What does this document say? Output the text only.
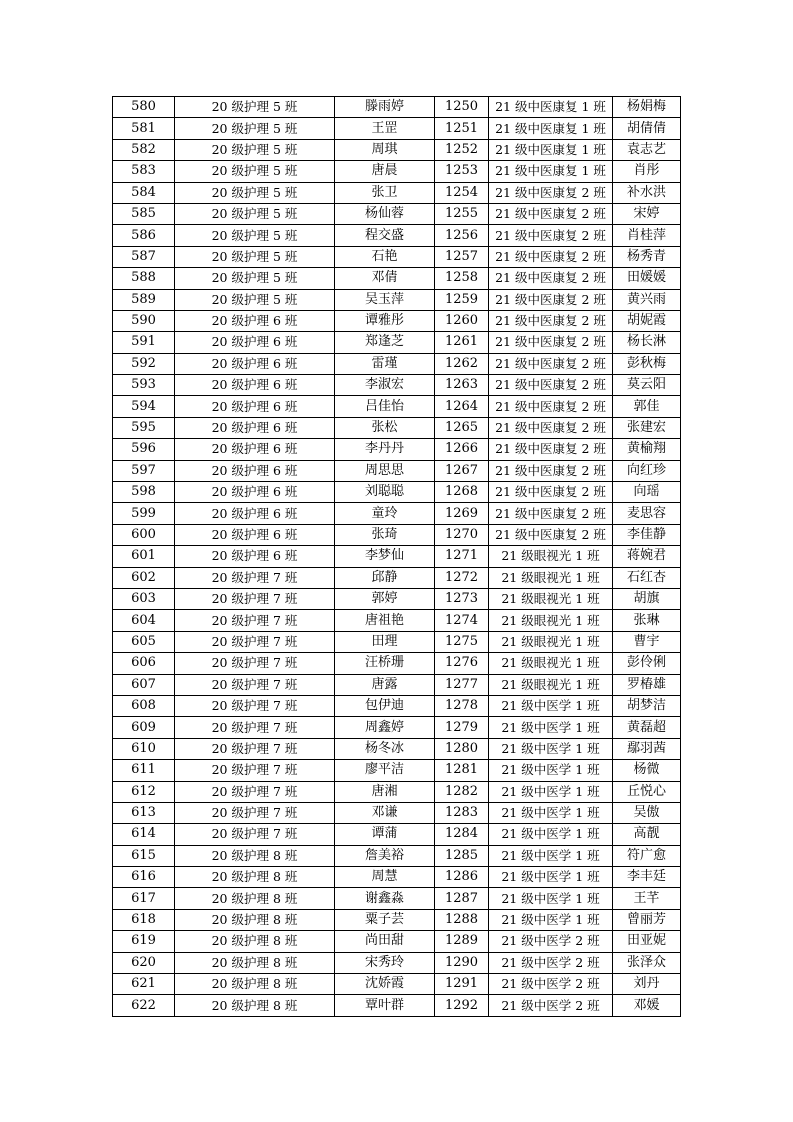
580	20 级护理 5 班	滕雨婷	1250	21 级中医康复 1 班	杨娟梅
581	20 级护理 5 班	王罡	1251	21 级中医康复 1 班	胡倩倩
582	20 级护理 5 班	周琪	1252	21 级中医康复 1 班	袁志艺
583	20 级护理 5 班	唐晨	1253	21 级中医康复 1 班	肖彤
584	20 级护理 5 班	张卫	1254	21 级中医康复 2 班	补水洪
585	20 级护理 5 班	杨仙蓉	1255	21 级中医康复 2 班	宋婷
586	20 级护理 5 班	程交盛	1256	21 级中医康复 2 班	肖桂萍
587	20 级护理 5 班	石艳	1257	21 级中医康复 2 班	杨秀青
588	20 级护理 5 班	邓倩	1258	21 级中医康复 2 班	田媛媛
589	20 级护理 5 班	吴玉萍	1259	21 级中医康复 2 班	黄兴雨
590	20 级护理 6 班	谭雅彤	1260	21 级中医康复 2 班	胡妮霞
591	20 级护理 6 班	郑逢芝	1261	21 级中医康复 2 班	杨长淋
592	20 级护理 6 班	雷瑾	1262	21 级中医康复 2 班	彭秋梅
593	20 级护理 6 班	李淑宏	1263	21 级中医康复 2 班	莫云阳
594	20 级护理 6 班	吕佳怡	1264	21 级中医康复 2 班	郭佳
595	20 级护理 6 班	张松	1265	21 级中医康复 2 班	张建宏
596	20 级护理 6 班	李丹丹	1266	21 级中医康复 2 班	黄榆翔
597	20 级护理 6 班	周思思	1267	21 级中医康复 2 班	向红珍
598	20 级护理 6 班	刘聪聪	1268	21 级中医康复 2 班	向瑶
599	20 级护理 6 班	童玲	1269	21 级中医康复 2 班	麦思容
600	20 级护理 6 班	张琦	1270	21 级中医康复 2 班	李佳静
601	20 级护理 6 班	李梦仙	1271	21 级眼视光 1 班	蒋婉君
602	20 级护理 7 班	邱静	1272	21 级眼视光 1 班	石红杏
603	20 级护理 7 班	郭婷	1273	21 级眼视光 1 班	胡旗
604	20 级护理 7 班	唐祖艳	1274	21 级眼视光 1 班	张琳
605	20 级护理 7 班	田理	1275	21 级眼视光 1 班	曹宇
606	20 级护理 7 班	汪桥珊	1276	21 级眼视光 1 班	彭伶俐
607	20 级护理 7 班	唐露	1277	21 级眼视光 1 班	罗椿雄
608	20 级护理 7 班	包伊迪	1278	21 级中医学 1 班	胡梦洁
609	20 级护理 7 班	周鑫婷	1279	21 级中医学 1 班	黄磊超
610	20 级护理 7 班	杨冬冰	1280	21 级中医学 1 班	鄢羽茜
611	20 级护理 7 班	廖平洁	1281	21 级中医学 1 班	杨微
612	20 级护理 7 班	唐湘	1282	21 级中医学 1 班	丘悦心
613	20 级护理 7 班	邓谦	1283	21 级中医学 1 班	吴傲
614	20 级护理 7 班	谭蒲	1284	21 级中医学 1 班	高靓
615	20 级护理 8 班	詹美裕	1285	21 级中医学 1 班	符广愈
616	20 级护理 8 班	周慧	1286	21 级中医学 1 班	李丰廷
617	20 级护理 8 班	谢鑫淼	1287	21 级中医学 1 班	王芊
618	20 级护理 8 班	粟子芸	1288	21 级中医学 1 班	曾丽芳
619	20 级护理 8 班	尚田甜	1289	21 级中医学 2 班	田亚妮
620	20 级护理 8 班	宋秀玲	1290	21 级中医学 2 班	张泽众
621	20 级护理 8 班	沈娇霞	1291	21 级中医学 2 班	刘丹
622	20 级护理 8 班	覃叶群	1292	21 级中医学 2 班	邓媛
